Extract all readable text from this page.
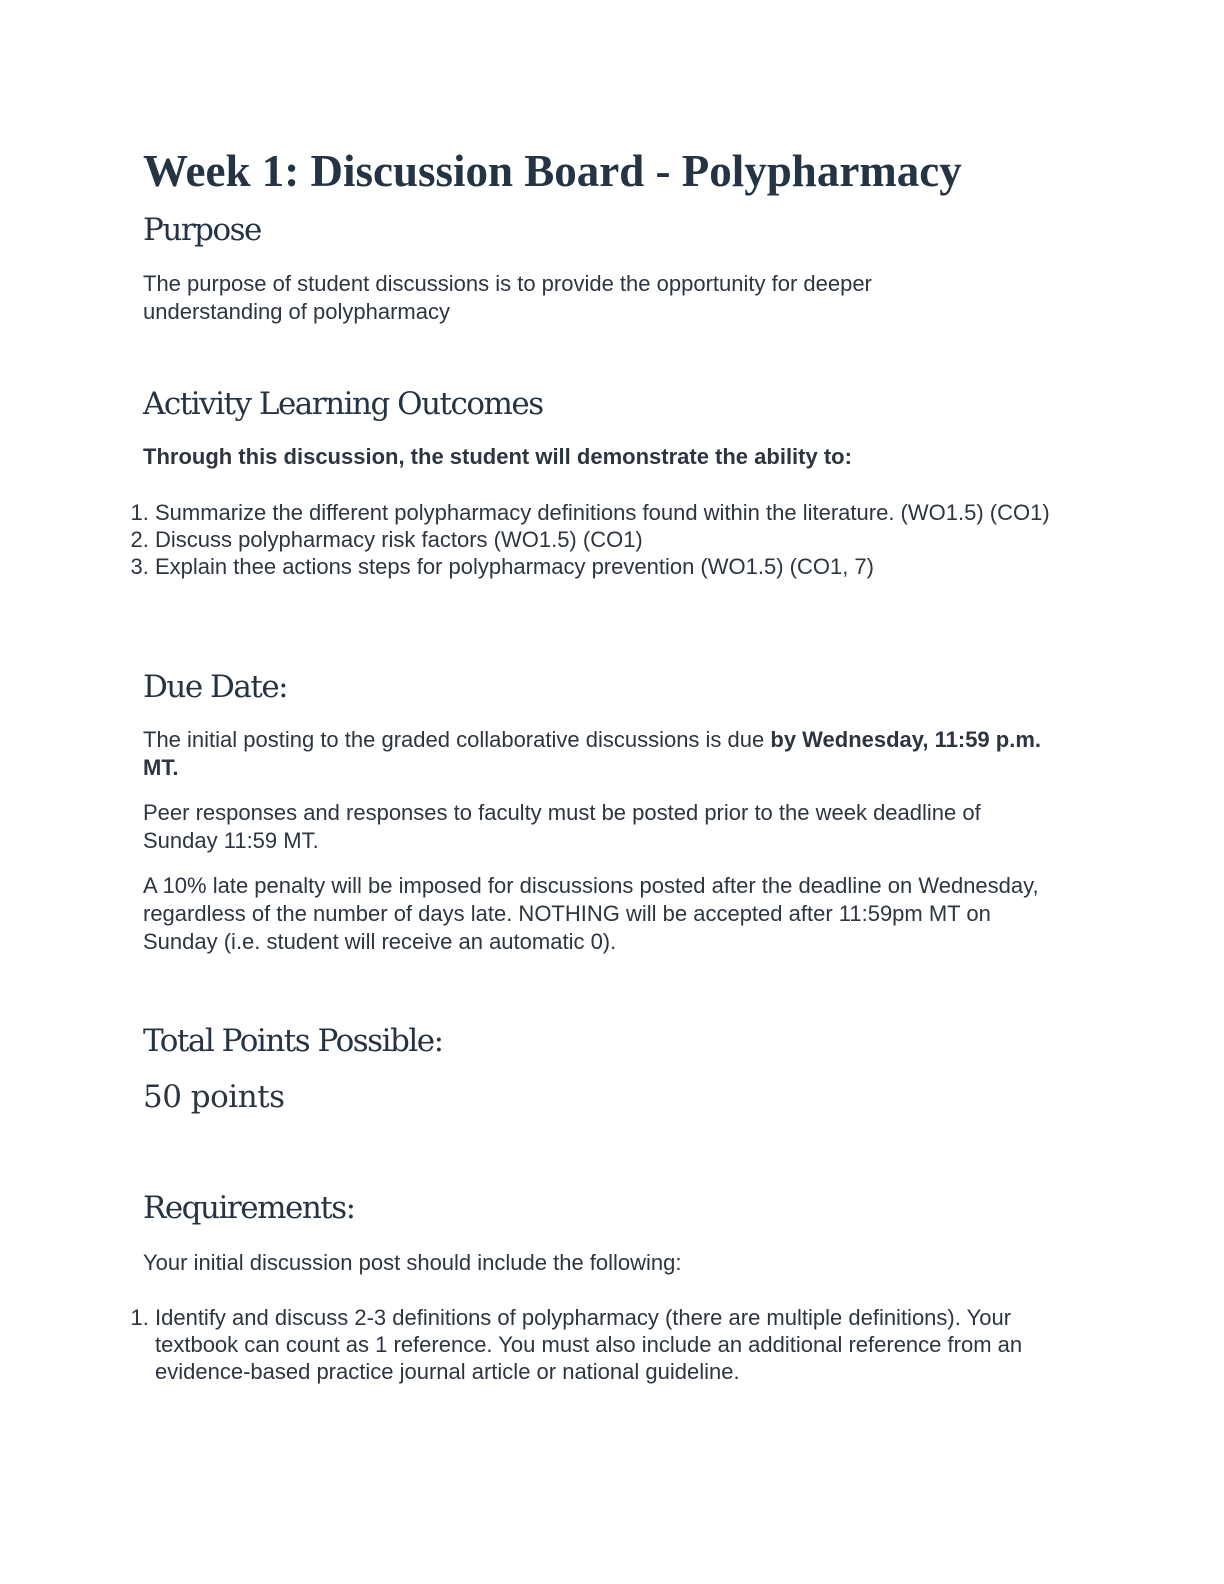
Week 1: Discussion Board - Polypharmacy
Purpose

The purpose of student discussions is to provide the opportunity for deeper understanding of polypharmacy

Activity Learning Outcomes

Through this discussion, the student will demonstrate the ability to:

1. Summarize the different polypharmacy definitions found within the literature. (WO1.5) (CO1)
2. Discuss polypharmacy risk factors (WO1.5) (CO1)
3. Explain thee actions steps for polypharmacy prevention (WO1.5) (CO1, 7)
Due Date:

The initial posting to the graded collaborative discussions is due by Wednesday, 11:59 p.m. MT.

Peer responses and responses to faculty must be posted prior to the week deadline of Sunday 11:59 MT.

A 10% late penalty will be imposed for discussions posted after the deadline on Wednesday, regardless of the number of days late. NOTHING will be accepted after 11:59pm MT on Sunday (i.e. student will receive an automatic 0).

Total Points Possible:

50 points

Requirements:

Your initial discussion post should include the following:

1. Identify and discuss 2-3 definitions of polypharmacy (there are multiple definitions). Your textbook can count as 1 reference. You must also include an additional reference from an evidence-based practice journal article or national guideline.
